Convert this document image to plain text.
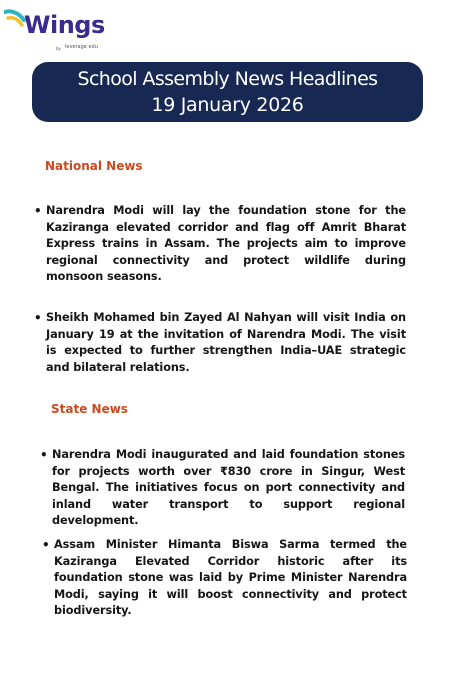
Wings
by leverage edu
School Assembly News Headlines
19 January 2026
National News
• Narendra Modi will lay the foundation stone for the Kaziranga elevated corridor and flag off Amrit Bharat Express trains in Assam. The projects aim to improve regional connectivity and protect wildlife during monsoon seasons.

• Sheikh Mohamed bin Zayed Al Nahyan will visit India on January 19 at the invitation of Narendra Modi. The visit is expected to further strengthen India–UAE strategic and bilateral relations.

State News
• Narendra Modi inaugurated and laid foundation stones for projects worth over ₹830 crore in Singur, West Bengal. The initiatives focus on port connectivity and inland water transport to support regional development.

• Assam Minister Himanta Biswa Sarma termed the Kaziranga Elevated Corridor historic after its foundation stone was laid by Prime Minister Narendra Modi, saying it will boost connectivity and protect biodiversity.
